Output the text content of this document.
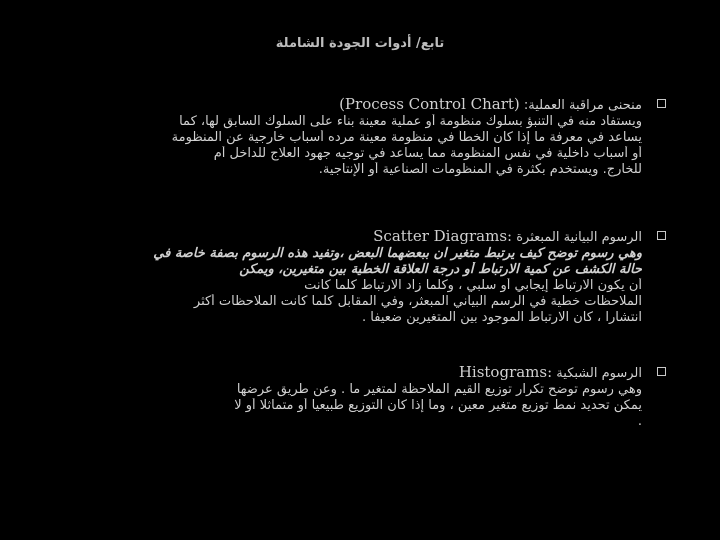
تابع/ أدوات الجودة الشاملة
منحنى مراقبة العملية: (Process Control Chart)
ويستفاد منه في التنبؤ بسلوك منظومة أو عملية معينة بناء على السلوك السابق لها، كما
يساعد في معرفة ما إذا كان الخطأ في منظومة معينة مرده أسباب خارجية عن المنظومة
أو أسباب داخلية في نفس المنظومة مما يساعد في توجيه جهود العلاج للداخل أم
للخارج. ويستخدم بكثرة في المنظومات الصناعية أو الإنتاجية.
الرسوم البيانية المبعثرة Scatter Diagrams:
وهي رسوم توضح كيف يرتبط متغير ان ببعضهما البعض ،وتفيد هذه الرسوم بصفة خاصة في
حالة الكشف عن كمية الارتباط أو درجة العلاقة الخطية بين متغيرين، ويمكن
أن يكون الارتباط إيجابي أو سلبي ، وكلما زاد الارتباط كلما كانت
الملاحظات خطية في الرسم البياني المبعثر، وفي المقابل كلما كانت الملاحظات أكثر
انتشارا ، كان الارتباط الموجود بين المتغيرين ضعيفا .
الرسوم الشبكية Histograms:
وهي رسوم توضح تكرار توزيع القيم الملاحظة لمتغير ما . وعن طريق عرضها
يمكن تحديد نمط توزيع متغير معين ، وما إذا كان التوزيع طبيعيا أو متماثلا أو لا
.
